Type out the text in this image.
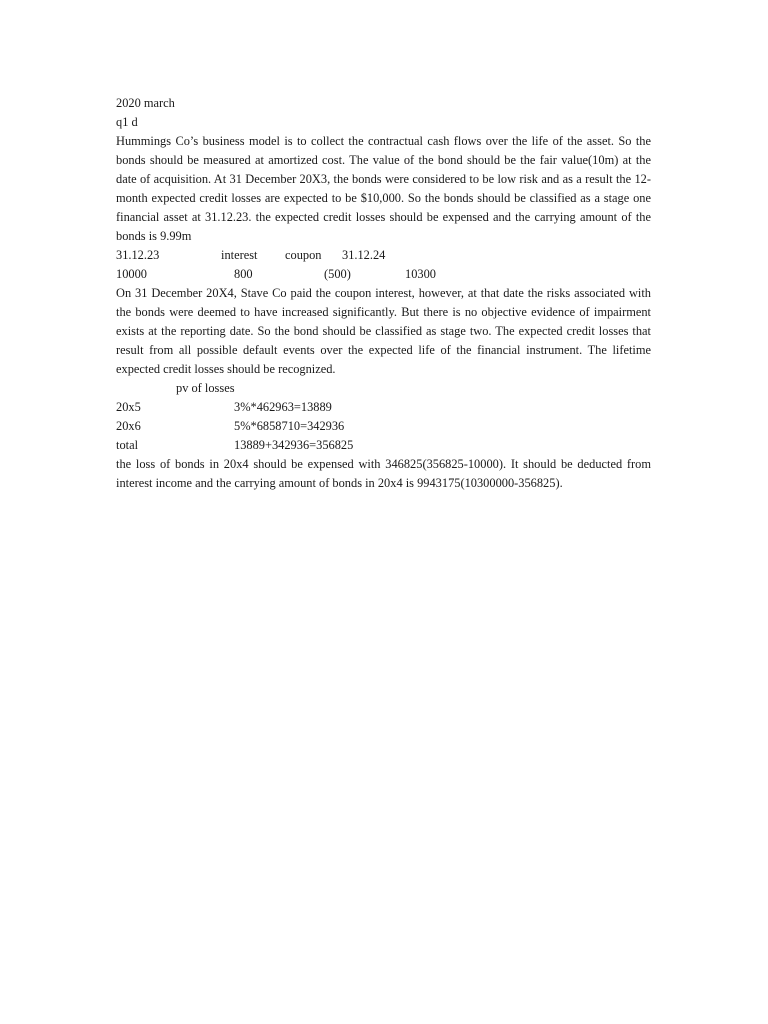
2020 march
q1 d
Hummings Co’s business model is to collect the contractual cash flows over the life of the asset. So the bonds should be measured at amortized cost. The value of the bond should be the fair value(10m) at the date of acquisition. At 31 December 20X3, the bonds were considered to be low risk and as a result the 12-month expected credit losses are expected to be $10,000. So the bonds should be classified as a stage one financial asset at 31.12.23. the expected credit losses should be expensed and the carrying amount of the bonds is 9.99m
31.12.23	interest coupon 31.12.24
10000	800	(500)	10300
On 31 December 20X4, Stave Co paid the coupon interest, however, at that date the risks associated with the bonds were deemed to have increased significantly. But there is no objective evidence of impairment exists at the reporting date. So the bond should be classified as stage two. The expected credit losses that result from all possible default events over the expected life of the financial instrument. The lifetime expected credit losses should be recognized.
pv of losses
20x5	3%*462963=13889
20x6	5%*6858710=342936
total	13889+342936=356825
the loss of bonds in 20x4 should be expensed with 346825(356825-10000). It should be deducted from interest income and the carrying amount of bonds in 20x4 is 9943175(10300000-356825).
